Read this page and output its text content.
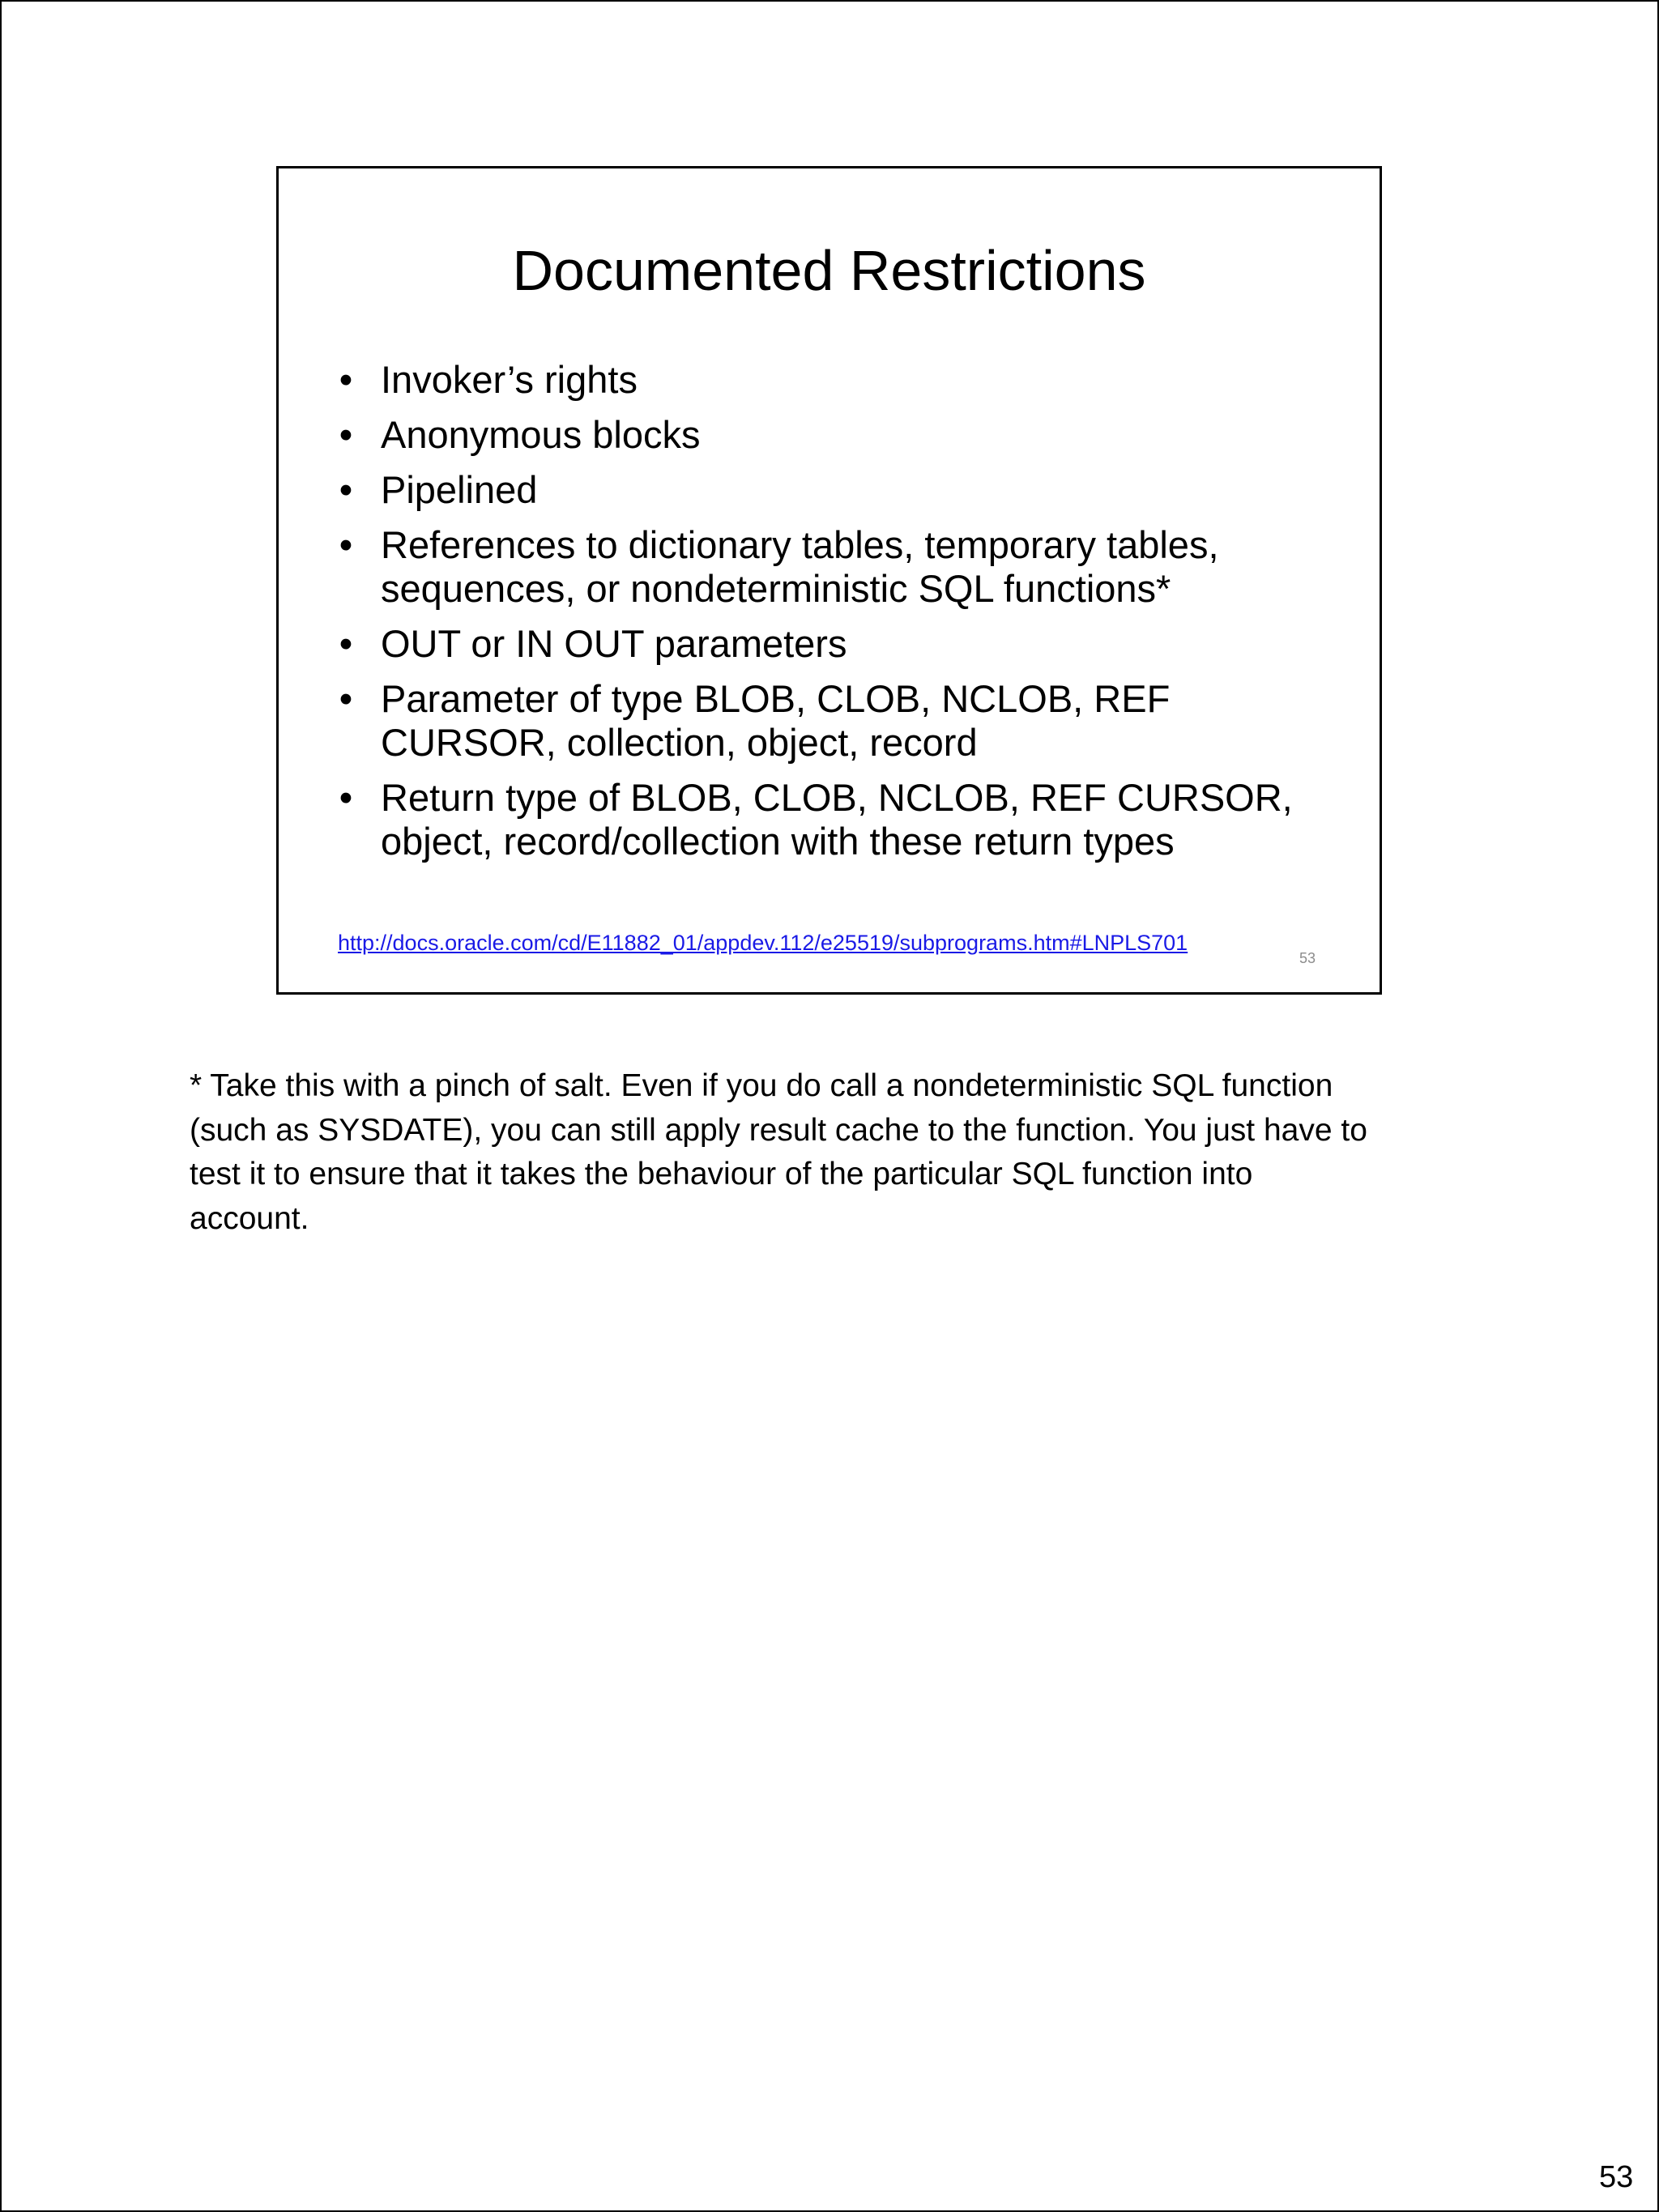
Documented Restrictions
• Invoker’s rights
• Anonymous blocks
• Pipelined
• References to dictionary tables, temporary tables,
sequences, or nondeterministic SQL functions*
• OUT or IN OUT parameters
• Parameter of type BLOB, CLOB, NCLOB, REF
CURSOR, collection, object, record
• Return type of BLOB, CLOB, NCLOB, REF CURSOR,
object, record/collection with these return types
http://docs.oracle.com/cd/E11882_01/appdev.112/e25519/subprograms.htm#LNPLS701
53

* Take this with a pinch of salt. Even if you do call a nondeterministic SQL function
(such as SYSDATE), you can still apply result cache to the function. You just have to
test it to ensure that it takes the behaviour of the particular SQL function into
account.

53
